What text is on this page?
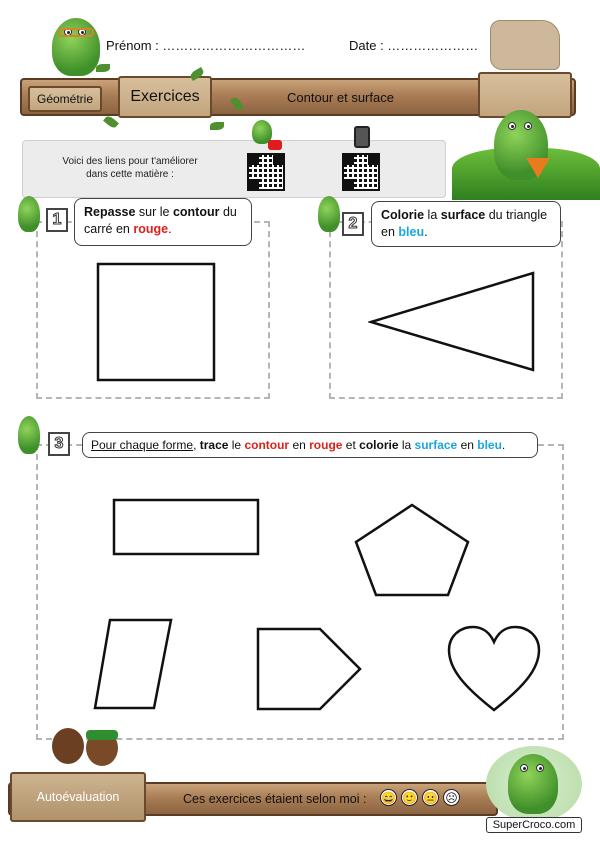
Prénom : ……………………………	Date : …………………
Géométrie Exercices	Contour et surface
Voici des liens pour t'améliorer
dans cette matière :
1	Repasse sur le contour du carré en rouge.	2	Colorie la surface du triangle en bleu.
3	Pour chaque forme, trace le contour en rouge et colorie la surface en bleu.
Autoévaluation	Ces exercices étaient selon moi : 😄 🙂 😐 ☹
SuperCroco.com
